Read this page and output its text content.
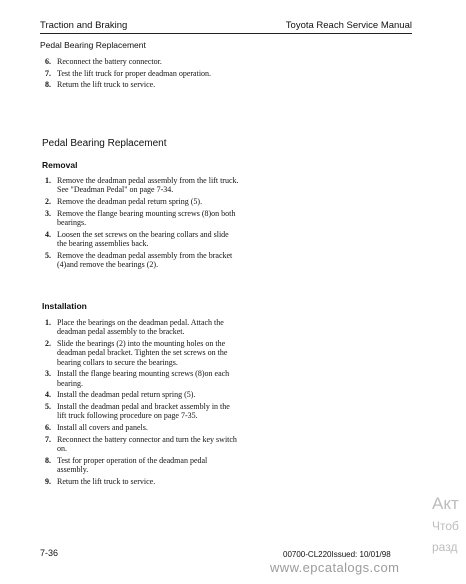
Traction and Braking	Toyota Reach Service Manual
Pedal Bearing Replacement
6. Reconnect the battery connector.
7. Test the lift truck for proper deadman operation.
8. Return the lift truck to service.
Pedal Bearing Replacement
Removal
1. Remove the deadman pedal assembly from the lift truck. See "Deadman Pedal" on page 7-34.
2. Remove the deadman pedal return spring (5).
3. Remove the flange bearing mounting screws (8)on both bearings.
4. Loosen the set screws on the bearing collars and slide the bearing assemblies back.
5. Remove the deadman pedal assembly from the bracket (4)and remove the bearings (2).
Installation
1. Place the bearings on the deadman pedal. Attach the deadman pedal assembly to the bracket.
2. Slide the bearings (2) into the mounting holes on the deadman pedal bracket. Tighten the set screws on the bearing collars to secure the bearings.
3. Install the flange bearing mounting screws (8)on each bearing.
4. Install the deadman pedal return spring (5).
5. Install the deadman pedal and bracket assembly in the lift truck following procedure on page 7-35.
6. Install all covers and panels.
7. Reconnect the battery connector and turn the key switch on.
8. Test for proper operation of the deadman pedal assembly.
9. Return the lift truck to service.
7-36	00700-CL220Issued: 10/01/98
Акт
Чтоб
разд
www.epcatalogs.com
